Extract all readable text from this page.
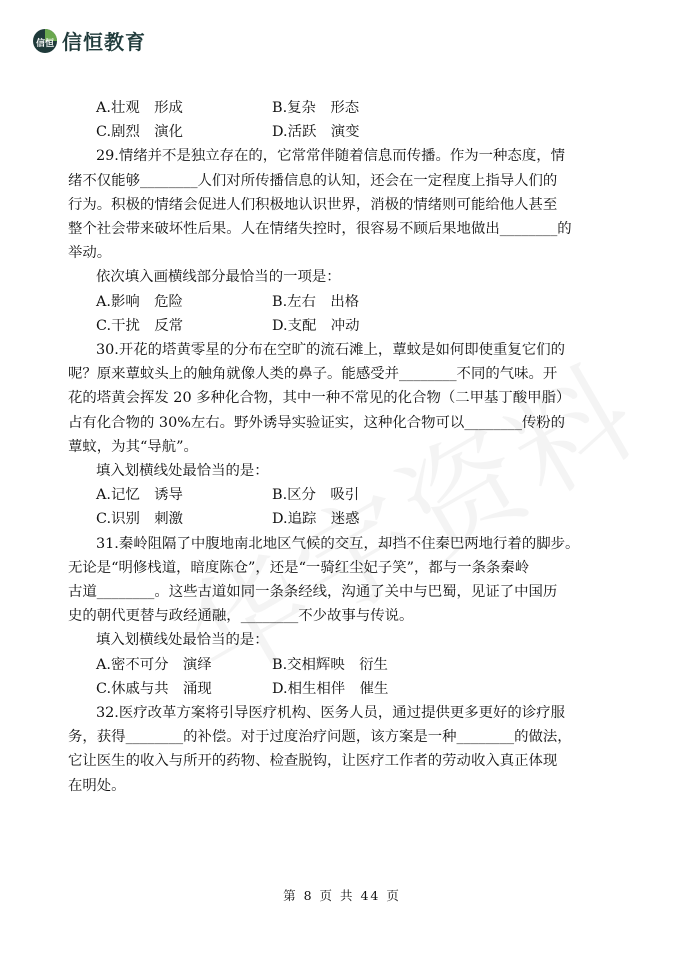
信恒 信恒教育
A.壮观　形成	B.复杂　形态
C.剧烈　演化	D.活跃　演变
29.情绪并不是独立存在的，它常常伴随着信息而传播。作为一种态度，情
绪不仅能够________人们对所传播信息的认知，还会在一定程度上指导人们的
行为。积极的情绪会促进人们积极地认识世界，消极的情绪则可能给他人甚至
整个社会带来破坏性后果。人在情绪失控时，很容易不顾后果地做出________的
举动。
依次填入画横线部分最恰当的一项是：
A.影响　危险	B.左右　出格
C.干扰　反常	D.支配　冲动
30.开花的塔黄零星的分布在空旷的流石滩上，蕈蚊是如何即使重复它们的
呢？原来蕈蚊头上的触角就像人类的鼻子。能感受并________不同的气味。开
花的塔黄会挥发 20 多种化合物，其中一种不常见的化合物（二甲基丁酸甲脂）
占有化合物的 30%左右。野外诱导实验证实，这种化合物可以________传粉的
蕈蚊，为其“导航”。
填入划横线处最恰当的是：
A.记忆　诱导	B.区分　吸引
C.识别　刺激	D.追踪　迷惑
31.秦岭阻隔了中腹地南北地区气候的交互，却挡不住秦巴两地行着的脚步。
无论是“明修栈道，暗度陈仓”，还是“一骑红尘妃子笑”，都与一条条秦岭
古道________。这些古道如同一条条经线，沟通了关中与巴蜀，见证了中国历
史的朝代更替与政经通融，________不少故事与传说。
填入划横线处最恰当的是：
A.密不可分　演绎	B.交相辉映　衍生
C.休戚与共　涌现	D.相生相伴　催生
32.医疗改革方案将引导医疗机构、医务人员，通过提供更多更好的诊疗服
务，获得________的补偿。对于过度治疗问题，该方案是一种________的做法，
它让医生的收入与所开的药物、检查脱钩，让医疗工作者的劳动收入真正体现
在明处。
第 8 页 共 44 页
